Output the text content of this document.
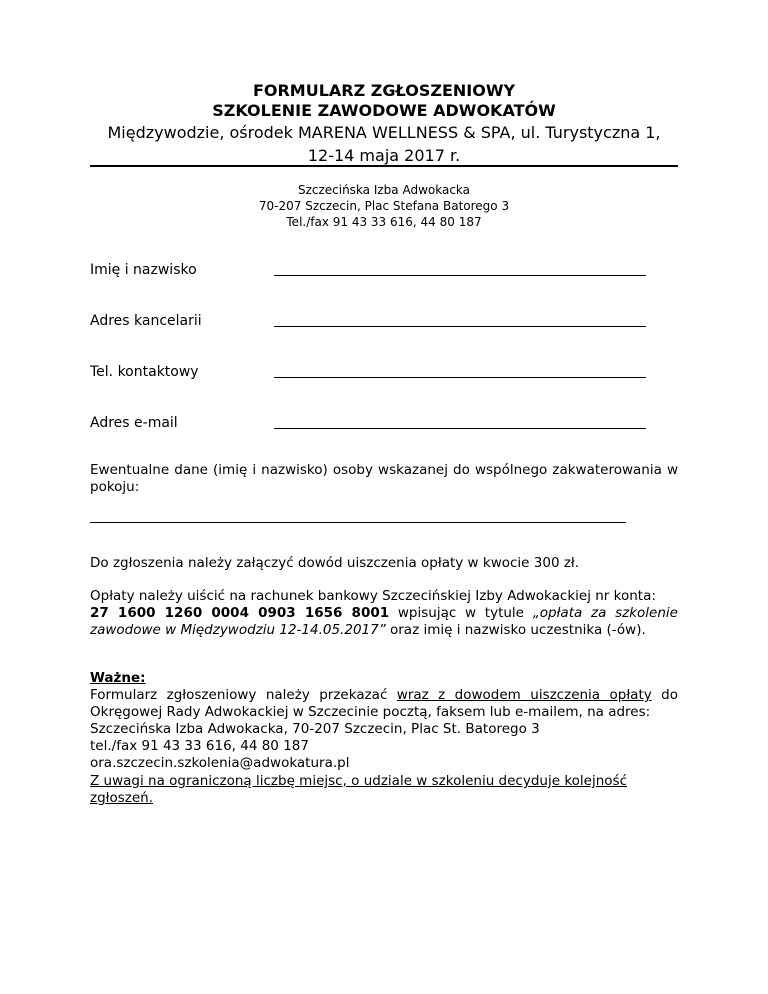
FORMULARZ ZGŁOSZENIOWY
SZKOLENIE ZAWODOWE ADWOKATÓW
Międzywodzie, ośrodek MARENA WELLNESS & SPA, ul. Turystyczna 1,
12-14 maja 2017 r.
Szczecińska Izba Adwokacka
70-207 Szczecin, Plac Stefana Batorego 3
Tel./fax 91 43 33 616, 44 80 187
Imię i nazwisko
Adres kancelarii
Tel. kontaktowy
Adres e-mail
Ewentualne dane (imię i nazwisko) osoby wskazanej do wspólnego zakwaterowania w pokoju:
Do zgłoszenia należy załączyć dowód uiszczenia opłaty w kwocie 300 zł.
Opłaty należy uiścić na rachunek bankowy Szczecińskiej Izby Adwokackiej nr konta:
27 1600 1260 0004 0903 1656 8001 wpisując w tytule „opłata za szkolenie zawodowe w Międzywodziu 12-14.05.2017” oraz imię i nazwisko uczestnika (-ów).
Ważne:
Formularz zgłoszeniowy należy przekazać wraz z dowodem uiszczenia opłaty do Okręgowej Rady Adwokackiej w Szczecinie pocztą, faksem lub e-mailem, na adres:
Szczecińska Izba Adwokacka, 70-207 Szczecin, Plac St. Batorego 3
tel./fax 91 43 33 616, 44 80 187
ora.szczecin.szkolenia@adwokatura.pl
Z uwagi na ograniczoną liczbę miejsc, o udziale w szkoleniu decyduje kolejność zgłoszeń.
